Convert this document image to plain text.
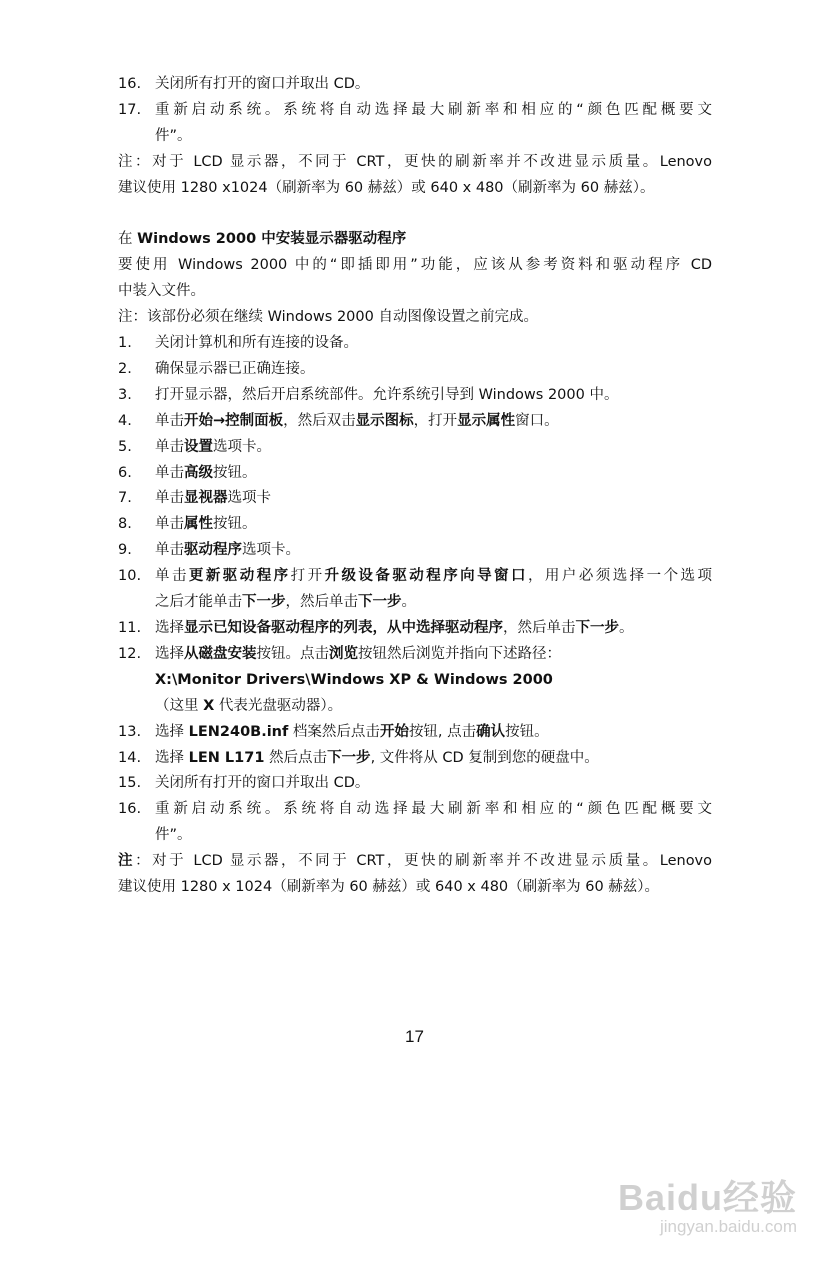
16. 关闭所有打开的窗口并取出 CD。
17. 重新启动系统。系统将自动选择最大刷新率和相应的“颜色匹配概要文
件”。
注：对于 LCD 显示器，不同于 CRT，更快的刷新率并不改进显示质量。Lenovo
建议使用 1280 x1024（刷新率为 60 赫兹）或 640 x 480（刷新率为 60 赫兹）。
在 Windows 2000 中安装显示器驱动程序
要使用 Windows 2000 中的“即插即用”功能，应该从参考资料和驱动程序 CD
中装入文件。
注：该部份必须在继续 Windows 2000 自动图像设置之前完成。
1.	关闭计算机和所有连接的设备。
2.	确保显示器已正确连接。
3.	打开显示器，然后开启系统部件。允许系统引导到 Windows 2000 中。
4.	单击开始→控制面板，然后双击显示图标，打开显示属性窗口。
5.	单击设置选项卡。
6.	单击高级按钮。
7.	单击显视器选项卡
8.	单击属性按钮。
9.	单击驱动程序选项卡。
10. 单击更新驱动程序打开升级设备驱动程序向导窗口，用户必须选择一个选项
之后才能单击下一步，然后单击下一步。
11. 选择显示已知设备驱动程序的列表，从中选择驱动程序，然后单击下一步。
12. 选择从磁盘安装按钮。点击浏览按钮然后浏览并指向下述路径：
X:\Monitor Drivers\Windows XP & Windows 2000
（这里 X 代表光盘驱动器）。
13. 选择 LEN240B.inf 档案然后点击开始按钮, 点击确认按钮。
14. 选择 LEN L171 然后点击下一步, 文件将从 CD 复制到您的硬盘中。
15. 关闭所有打开的窗口并取出 CD。
16. 重新启动系统。系统将自动选择最大刷新率和相应的“颜色匹配概要文
件”。
注：对于 LCD 显示器，不同于 CRT，更快的刷新率并不改进显示质量。Lenovo
建议使用 1280 x 1024（刷新率为 60 赫兹）或 640 x 480（刷新率为 60 赫兹）。
17
Baidu经验
jingyan.baidu.com
